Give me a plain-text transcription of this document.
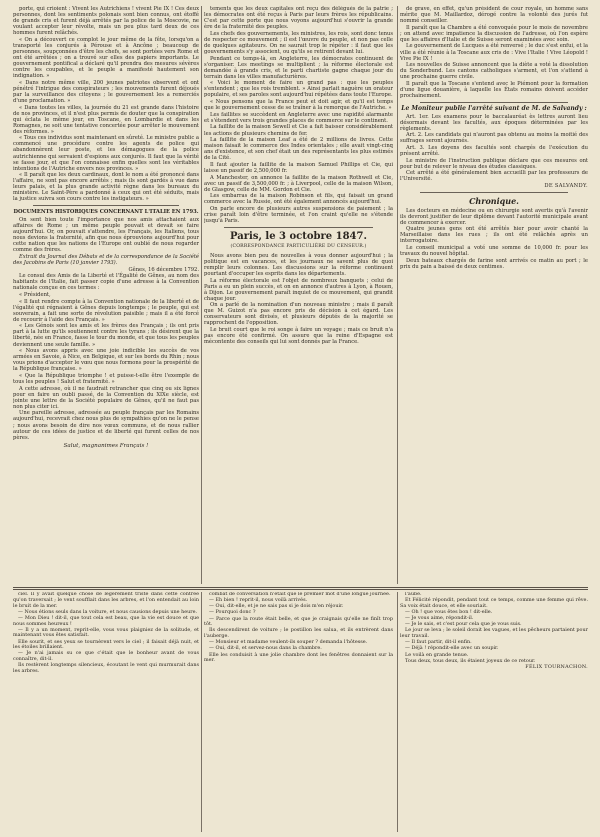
porte, qui crioient : Vivent les Autrichiens ! vivent Pie IX ! Ces deux personnes, dont les sentiments polonais sont bien connus, ont étoffé de grands cris et furent déjà arrêtés par la police de la Moscovie, ne voulant accepter leur révolte, mais un peu plus tard deux de ces hommes furent relâchés.

« On a découvert ce complot le jour même de la fête, lorsqu'on a transporté les conjurés à Pérouse et à Ancône ; beaucoup de personnes, soupçonnées d'être les chefs, se sont portées vers Rome et ont été arrêtées ; on a trouvé sur elles des papiers importants. Le gouvernement pontifical a déclaré qu'il prendra des mesures sévères contre les coupables, et le peuple a manifesté hautement son indignation. »

« Dans notre même ville, 200 jeunes patriotes observent et ont pénétré l'intrigue des conspirateurs ; les mouvements furent déjoués par la surveillance des citoyens ; le gouvernement les a remerciés d'une proclamation. »

« Dans toutes les villes, la journée du 21 est grande dans l'histoire de nos provinces, et il n'est plus permis de douter que la conspiration qui éclata le même jour, en Toscane, en Lombardie et dans les Romagnes, ne soit une tentative concertée pour arrêter le mouvement des réformes. »

« Tous ces individus sont maintenant en sûreté. Le ministre public a commencé une procédure contre les agents de police qui abandonnèrent leur poste, et les démagogues de la police autrichienne qui servaient d'espions aux conjurés. Il faut que la vérité se fasse jour, et que l'on connaisse enfin quelles sont les véritables intentions de l'Autriche envers nos provinces. »

« Il paraît que les deux cardinaux, dont le nom a été prononcé dans l'affaire, ne sont pas encore arrêtés ; mais ils sont gardés à vue dans leurs palais, et la plus grande activité règne dans les bureaux du ministère. Le Saint-Père a pardonné à ceux qui ont été séduits, mais la justice suivra son cours contre les instigateurs. »

DOCUMENTS HISTORIQUES CONCERNANT L'ITALIE EN 1793.

On sent bien toute l'importance que nos amis attachaient aux affaires de Rome ; un même peuple pouvait et devait se faire aujourd'hui. Or, on pouvait s'attendre, les Français, les Italiens, tous nous devions la fraternité, afin que nous éprouvions aujourd'hui pour cette nation que les nations de l'Europe ont oublié de nous regarder comme des frères.

Extrait du Journal des Débats et de la correspondance de la Société des Jacobins de Paris (10 janvier 1793).

Gênes, 16 décembre 1792.

Le consul des Amis de la Liberté et l'Égalité de Gênes, au nom des habitants de l'Italie, fait passer copie d'une adresse à la Convention nationale conçue en ces termes :

« Président,

« Il faut rendre compte à la Convention nationale de la liberté et de l'égalité qui régnaient à Gênes depuis longtemps ; le peuple, qui est souverain, a fait une sorte de révolution paisible ; mais il a été forcé de recourir à l'aide des Français. »

« Les Génois sont les amis et les frères des Français ; ils ont pris part à la lutte qu'ils soutiennent contre les tyrans ; ils désirent que la liberté, née en France, fasse le tour du monde, et que tous les peuples deviennent une seule famille. »

« Nous avons appris avec une joie indicible les succès de vos armées en Savoie, à Nice, en Belgique, et sur les bords du Rhin ; nous vous prions d'accepter le vœu que nous formons pour la prospérité de la République française. »

« Que la République triomphe ! et puisse-t-elle être l'exemple de tous les peuples ! Salut et fraternité. »

A cette adresse, où il ne faudrait retrancher que cinq ou six lignes pour en faire un oubli passé, de la Convention du XIXe siècle, est jointe une lettre de la Société populaire de Gênes, qu'il ne faut pas non plus citer ici.

Une pareille adresse, adressée au peuple français par les Romains aujourd'hui, recevrait chez nous plus de sympathies qu'on ne le pense ; nous avons besoin de dire nos vœux communs, et de nous rallier autour de ces idées de justice et de liberté qui furent celles de nos pères.

Salut, magnanimes Français !

tements que les deux capitales ont reçu des délégués de la patrie ; les démocrates ont été reçus à Paris par leurs frères les républicains. C'est par cette porte que nous voyons aujourd'hui s'ouvrir la grande ère de la fraternité des peuples.

Les chefs des gouvernements, les ministres, les rois, sont donc tenus de respecter ce mouvement ; il est l'œuvre du peuple, et non pas celle de quelques agitateurs. On ne saurait trop le répéter : il faut que les gouvernements s'y associent, ou qu'ils se retirent devant lui.

Pendant ce temps-là, en Angleterre, les démocrates continuent de s'organiser. Les meetings se multiplient ; la réforme électorale est demandée à grands cris, et le parti chartiste gagne chaque jour du terrain dans les villes manufacturières.

« Voici le moment de faire un grand pas : que les peuples s'entendent ; que les rois tremblent. » Ainsi parlait naguère un orateur populaire, et ses paroles sont aujourd'hui répétées dans toute l'Europe.

« Nous pensons que la France peut et doit agir, et qu'il est temps que le gouvernement cesse de se traîner à la remorque de l'Autriche. »

Les faillites se succèdent en Angleterre avec une rapidité alarmante et s'étendent vers trois grandes places de commerce sur le continent.

La faillite de la maison Sewell et Cie a fait baisser considérablement les actions de plusieurs chemins de fer.

La faillite de la maison Leaf a été de 2 millions de livres. Cette maison faisait le commerce des Indes orientales ; elle avait vingt-cinq ans d'existence, et son chef était un des représentants les plus estimés de la Cité.

Il faut ajouter la faillite de la maison Samuel Phillips et Cie, qui laisse un passif de 2,500,000 fr.

A Manchester, on annonce la faillite de la maison Rothwell et Cie, avec un passif de 3,500,000 fr. ; à Liverpool, celle de la maison Wilson, de Glasgow, celle de MM. Gordon et Cie.

Les embarras de la maison Robinson et fils, qui faisait un grand commerce avec la Russie, ont été également annoncés aujourd'hui.

On parle encore de plusieurs autres suspensions de paiement ; la crise paraît loin d'être terminée, et l'on craint qu'elle ne s'étende jusqu'à Paris.

Paris, le 3 octobre 1847.

(CORRESPONDANCE PARTICULIÈRE DU CENSEUR.)

Nous avons bien peu de nouvelles à vous donner aujourd'hui ; la politique est en vacances, et les journaux ne savent plus de quoi remplir leurs colonnes. Les discussions sur la réforme continuent pourtant d'occuper les esprits dans les départements.

La réforme électorale est l'objet de nombreux banquets ; celui de Paris a eu un plein succès, et on en annonce d'autres à Lyon, à Rouen, à Dijon. Le gouvernement paraît inquiet de ce mouvement, qui grandit chaque jour.

On a parlé de la nomination d'un nouveau ministre ; mais il paraît que M. Guizot n'a pas encore pris de décision à cet égard. Les conservateurs sont divisés, et plusieurs députés de la majorité se rapprochent de l'opposition.

Le bruit court que le roi songe à faire un voyage ; mais ce bruit n'a pas encore été confirmé. On assure que la reine d'Espagne est mécontente des conseils qui lui sont donnés par la France.

de grave, en effet, qu'un président de cour royale, un homme sans mérite que M. Maillardoz, dérogé contre la volonté des jurés fut nommé conseiller.

Il paraît que la Chambre a été convoquée pour le mois de novembre ; on attend avec impatience la discussion de l'adresse, où l'on espère que les affaires d'Italie et de Suisse seront examinées avec soin.

Le gouvernement de Lucques a été renversé ; le duc s'est enfui, et la ville a été réunie à la Toscane aux cris de : Vive l'Italie ! Vive Léopold ! Vive Pie IX !

Les nouvelles de Suisse annoncent que la diète a voté la dissolution du Sonderbund. Les cantons catholiques s'arment, et l'on s'attend à une prochaine guerre civile.

Il paraît que la Toscane s'entend avec le Piémont pour la formation d'une ligue douanière, à laquelle les États romains doivent accéder prochainement.

Le Moniteur publie l'arrêté suivant de M. de Salvandy :

Art. 1er. Les examens pour le baccalauréat ès lettres auront lieu désormais devant les facultés, aux époques déterminées par les règlements.

Art. 2. Les candidats qui n'auront pas obtenu au moins la moitié des suffrages seront ajournés.

Art. 3. Les doyens des facultés sont chargés de l'exécution du présent arrêté.

Le ministre de l'instruction publique déclare que ces mesures ont pour but de relever le niveau des études classiques.

Cet arrêté a été généralement bien accueilli par les professeurs de l'Université.

DE SALVANDY.

Chronique.

Les docteurs en médecine ou en chirurgie sont avertis qu'à l'avenir ils devront justifier de leur diplôme devant l'autorité municipale avant de commencer à exercer.

Quatre jeunes gens ont été arrêtés hier pour avoir chanté la Marseillaise dans les rues ; ils ont été relâchés après un interrogatoire.

Le conseil municipal a voté une somme de 10,000 fr. pour les travaux du nouvel hôpital.

Deux bateaux chargés de farine sont arrivés ce matin au port ; le prix du pain a baissé de deux centimes.

ciel. Il y avait quelque chose de légèrement triste dans cette contrée qu'on traversait ; le vent soufflait dans les arbres, et l'on entendait au loin le bruit de la mer.

— Nous étions seuls dans la voiture, et nous causions depuis une heure.

— Mon Dieu ! dit-il, que tout cela est beau, que la vie est douce et que nous sommes heureux !

— Il y a un moment, reprit-elle, vous vous plaigniez de la solitude, et maintenant vous êtes satisfait.

Elle sourit, et ses yeux se tournèrent vers le ciel ; il faisait déjà nuit, et les étoiles brillaient.

— Je n'ai jamais su ce que c'était que le bonheur avant de vous connaître, dit-il.

Ils restèrent longtemps silencieux, écoutant le vent qui murmurait dans les arbres.

combat de conversation n'était que le premier mot d'une longue journée.

— Eh bien ! reprit-il, nous voilà arrivés.

— Oui, dit-elle, et je ne sais pas si je dois m'en réjouir.

— Pourquoi donc ?

— Parce que la route était belle, et que je craignais qu'elle ne finît trop tôt.

Ils descendirent de voiture ; le postillon les salua, et ils entrèrent dans l'auberge.

— Monsieur et madame veulent-ils souper ? demanda l'hôtesse.

— Oui, dit-il, et servez-nous dans la chambre.

Elle les conduisit à une jolie chambre dont les fenêtres donnaient sur la mer.

l'aube.

Et Félicité répondit, pendant tout ce temps, comme une femme qui rêve. Sa voix était douce, et elle souriait.

— Oh ! que vous êtes bon ! dit-elle.

— Je vous aime, répondit-il.

— Je le sais, et c'est pour cela que je vous suis.

Le jour se leva ; le soleil dorait les vagues, et les pêcheurs partaient pour leur travail.

— Il faut partir, dit-il enfin.

— Déjà ! répondit-elle avec un soupir.

Le voilà en grande tenue.

Tous deux, tous deux, ils étaient joyeux de ce retour.

FÉLIX TOURNACHON.
